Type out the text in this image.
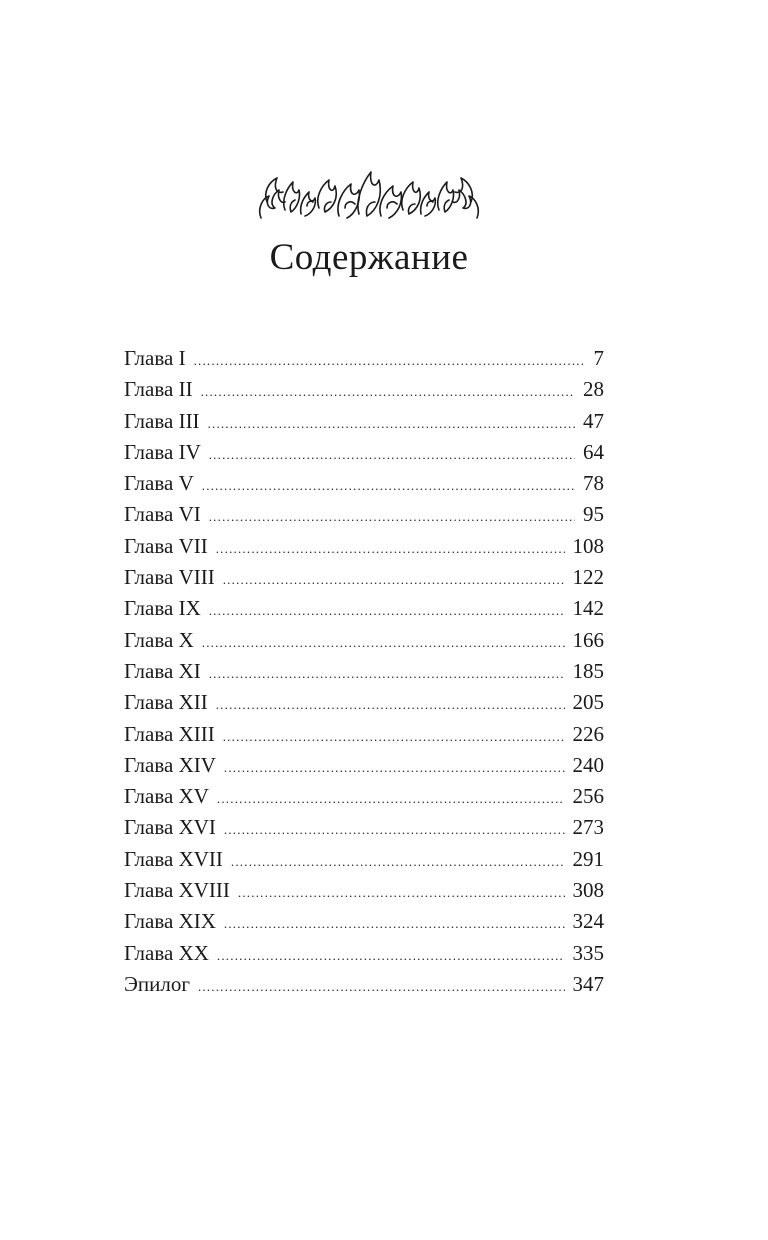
Содержание
Глава I .....	7
Глава II .....	28
Глава III .....	47
Глава IV .....	64
Глава V .....	78
Глава VI .....	95
Глава VII .....	108
Глава VIII .....	122
Глава IX .....	142
Глава X .....	166
Глава XI .....	185
Глава XII .....	205
Глава XIII .....	226
Глава XIV .....	240
Глава XV .....	256
Глава XVI .....	273
Глава XVII .....	291
Глава XVIII .....	308
Глава XIX .....	324
Глава XX .....	335
Эпилог .....	347
